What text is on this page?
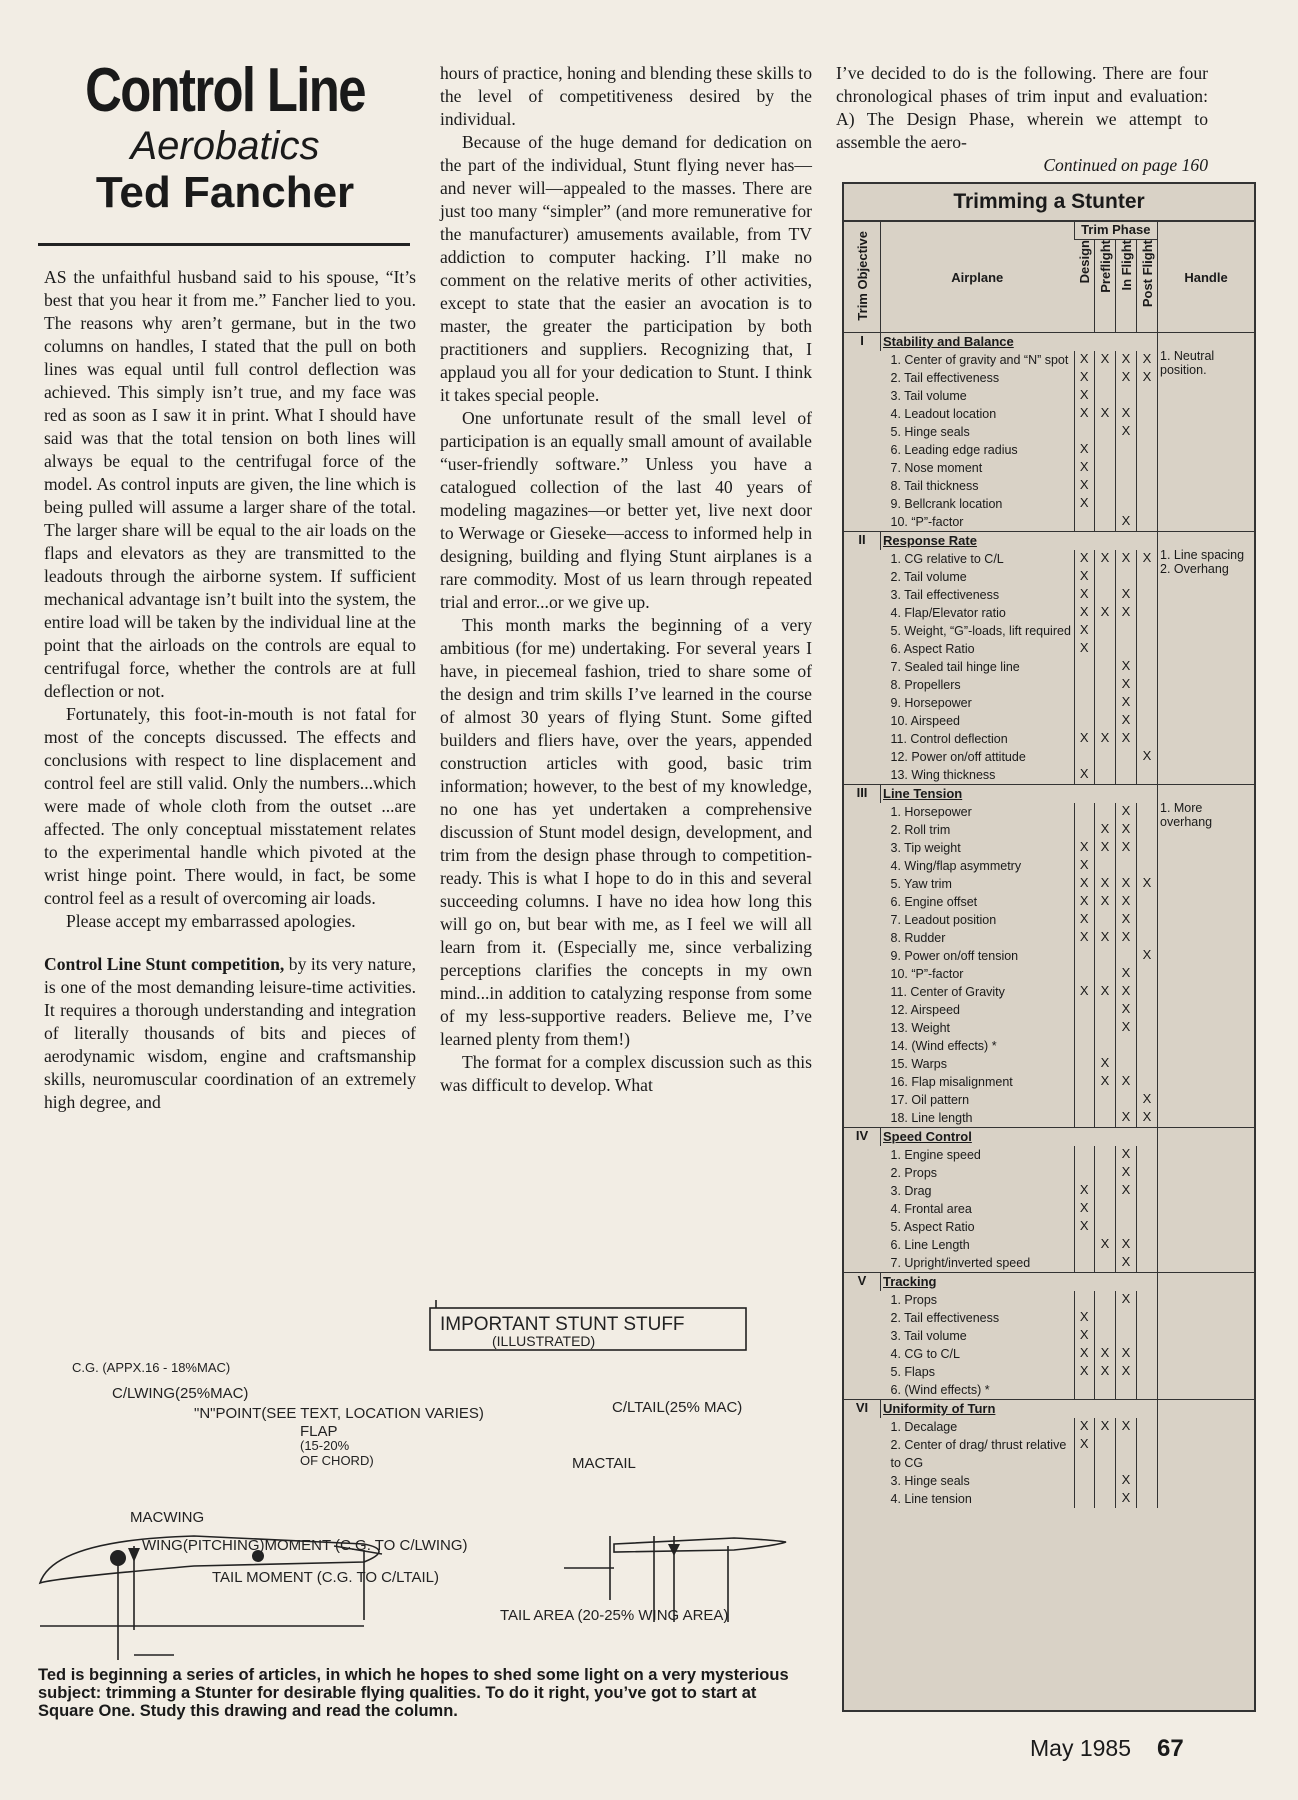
Control Line
Aerobatics
Ted Fancher

AS the unfaithful husband said to his spouse, “It’s best that you hear it from me.” Fancher lied to you. The reasons why aren’t germane, but in the two columns on handles, I stated that the pull on both lines was equal until full control deflection was achieved. This simply isn’t true, and my face was red as soon as I saw it in print. What I should have said was that the total tension on both lines will always be equal to the centrifugal force of the model. As control inputs are given, the line which is being pulled will assume a larger share of the total. The larger share will be equal to the air loads on the flaps and elevators as they are transmitted to the leadouts through the airborne system. If sufficient mechanical advantage isn’t built into the system, the entire load will be taken by the individual line at the point that the airloads on the controls are equal to centrifugal force, whether the controls are at full deflection or not.

Fortunately, this foot-in-mouth is not fatal for most of the concepts discussed. The effects and conclusions with respect to line displacement and control feel are still valid. Only the numbers...which were made of whole cloth from the outset ...are affected. The only conceptual misstatement relates to the experimental handle which pivoted at the wrist hinge point. There would, in fact, be some control feel as a result of overcoming air loads.

Please accept my embarrassed apologies.

Control Line Stunt competition, by its very nature, is one of the most demanding leisure-time activities. It requires a thorough understanding and integration of literally thousands of bits and pieces of aerodynamic wisdom, engine and craftsmanship skills, neuromuscular coordination of an extremely high degree, and

hours of practice, honing and blending these skills to the level of competitiveness desired by the individual.

Because of the huge demand for dedication on the part of the individual, Stunt flying never has—and never will—appealed to the masses. There are just too many “simpler” (and more remunerative for the manufacturer) amusements available, from TV addiction to computer hacking. I’ll make no comment on the relative merits of other activities, except to state that the easier an avocation is to master, the greater the participation by both practitioners and suppliers. Recognizing that, I applaud you all for your dedication to Stunt. I think it takes special people.

One unfortunate result of the small level of participation is an equally small amount of available “user-friendly software.” Unless you have a catalogued collection of the last 40 years of modeling magazines—or better yet, live next door to Werwage or Gieseke—access to informed help in designing, building and flying Stunt airplanes is a rare commodity. Most of us learn through repeated trial and error...or we give up.

This month marks the beginning of a very ambitious (for me) undertaking. For several years I have, in piecemeal fashion, tried to share some of the design and trim skills I’ve learned in the course of almost 30 years of flying Stunt. Some gifted builders and fliers have, over the years, appended construction articles with good, basic trim information; however, to the best of my knowledge, no one has yet undertaken a comprehensive discussion of Stunt model design, development, and trim from the design phase through to competition-ready. This is what I hope to do in this and several succeeding columns. I have no idea how long this will go on, but bear with me, as I feel we will all learn from it. (Especially me, since verbalizing perceptions clarifies the concepts in my own mind...in addition to catalyzing response from some of my less-supportive readers. Believe me, I’ve learned plenty from them!)

The format for a complex discussion such as this was difficult to develop. What

I’ve decided to do is the following. There are four chronological phases of trim input and evaluation: A) The Design Phase, wherein we attempt to assemble the aero-

Continued on page 160

Trimming a Stunter
Trim Objective	Airplane	Trim Phase				Handle
		Design	Preflight	In Flight	Post Flight	
I	Stability and Balance					1. Neutral position.
	1. Center of gravity and “N” spot	X	X	X	X	
	2. Tail effectiveness	X		X	X	
	3. Tail volume	X				
	4. Leadout location	X	X	X		
	5. Hinge seals			X		
	6. Leading edge radius	X				
	7. Nose moment	X				
	8. Tail thickness	X				
	9. Bellcrank location	X				
	10. “P”-factor			X		
II	Response Rate					1. Line spacing
2. Overhang
	1. CG relative to C/L	X	X	X	X	
	2. Tail volume	X				
	3. Tail effectiveness	X		X		
	4. Flap/Elevator ratio	X	X	X		
	5. Weight, “G”-loads, lift required	X				
	6. Aspect Ratio	X				
	7. Sealed tail hinge line			X		
	8. Propellers			X		
	9. Horsepower			X		
	10. Airspeed			X		
	11. Control deflection	X	X	X		
	12. Power on/off attitude				X	
	13. Wing thickness	X				
III	Line Tension					1. More overhang
	1. Horsepower			X		
	2. Roll trim		X	X		
	3. Tip weight	X	X	X		
	4. Wing/flap asymmetry	X				
	5. Yaw trim	X	X	X	X	
	6. Engine offset	X	X	X		
	7. Leadout position	X		X		
	8. Rudder	X	X	X		
	9. Power on/off tension				X	
	10. “P”-factor			X		
	11. Center of Gravity	X	X	X		
	12. Airspeed			X		
	13. Weight			X		
	14. (Wind effects) *					
	15. Warps		X			
	16. Flap misalignment		X	X		
	17. Oil pattern				X	
	18. Line length			X	X	
IV	Speed Control					
	1. Engine speed			X		
	2. Props			X		
	3. Drag	X		X		
	4. Frontal area	X				
	5. Aspect Ratio	X				
	6. Line Length		X	X		
	7. Upright/inverted speed			X		
V	Tracking					
	1. Props			X		
	2. Tail effectiveness	X				
	3. Tail volume	X				
	4. CG to C/L	X	X	X		
	5. Flaps	X	X	X		
	6. (Wind effects) *					
VI	Uniformity of Turn					
	1. Decalage	X	X	X		
	2. Center of drag/ thrust relative to CG	X				
	3. Hinge seals			X		
	4. Line tension			X		
IMPORTANT STUNT STUFF
(ILLUSTRATED)
C.G. (APPX.16 - 18%MAC)
C/LWING(25%MAC)
"N"POINT(SEE TEXT, LOCATION VARIES)
FLAP
(15-20%
OF CHORD)
C/LTAIL(25% MAC)
MACTAIL
MACWING
WING(PITCHING)MOMENT (C.G. TO C/LWING)
TAIL MOMENT (C.G. TO C/LTAIL)
TAIL AREA (20-25% WING AREA)
Ted is beginning a series of articles, in which he hopes to shed some light on a very mysterious subject: trimming a Stunter for desirable flying qualities. To do it right, you’ve got to start at Square One. Study this drawing and read the column.
May 1985 67
